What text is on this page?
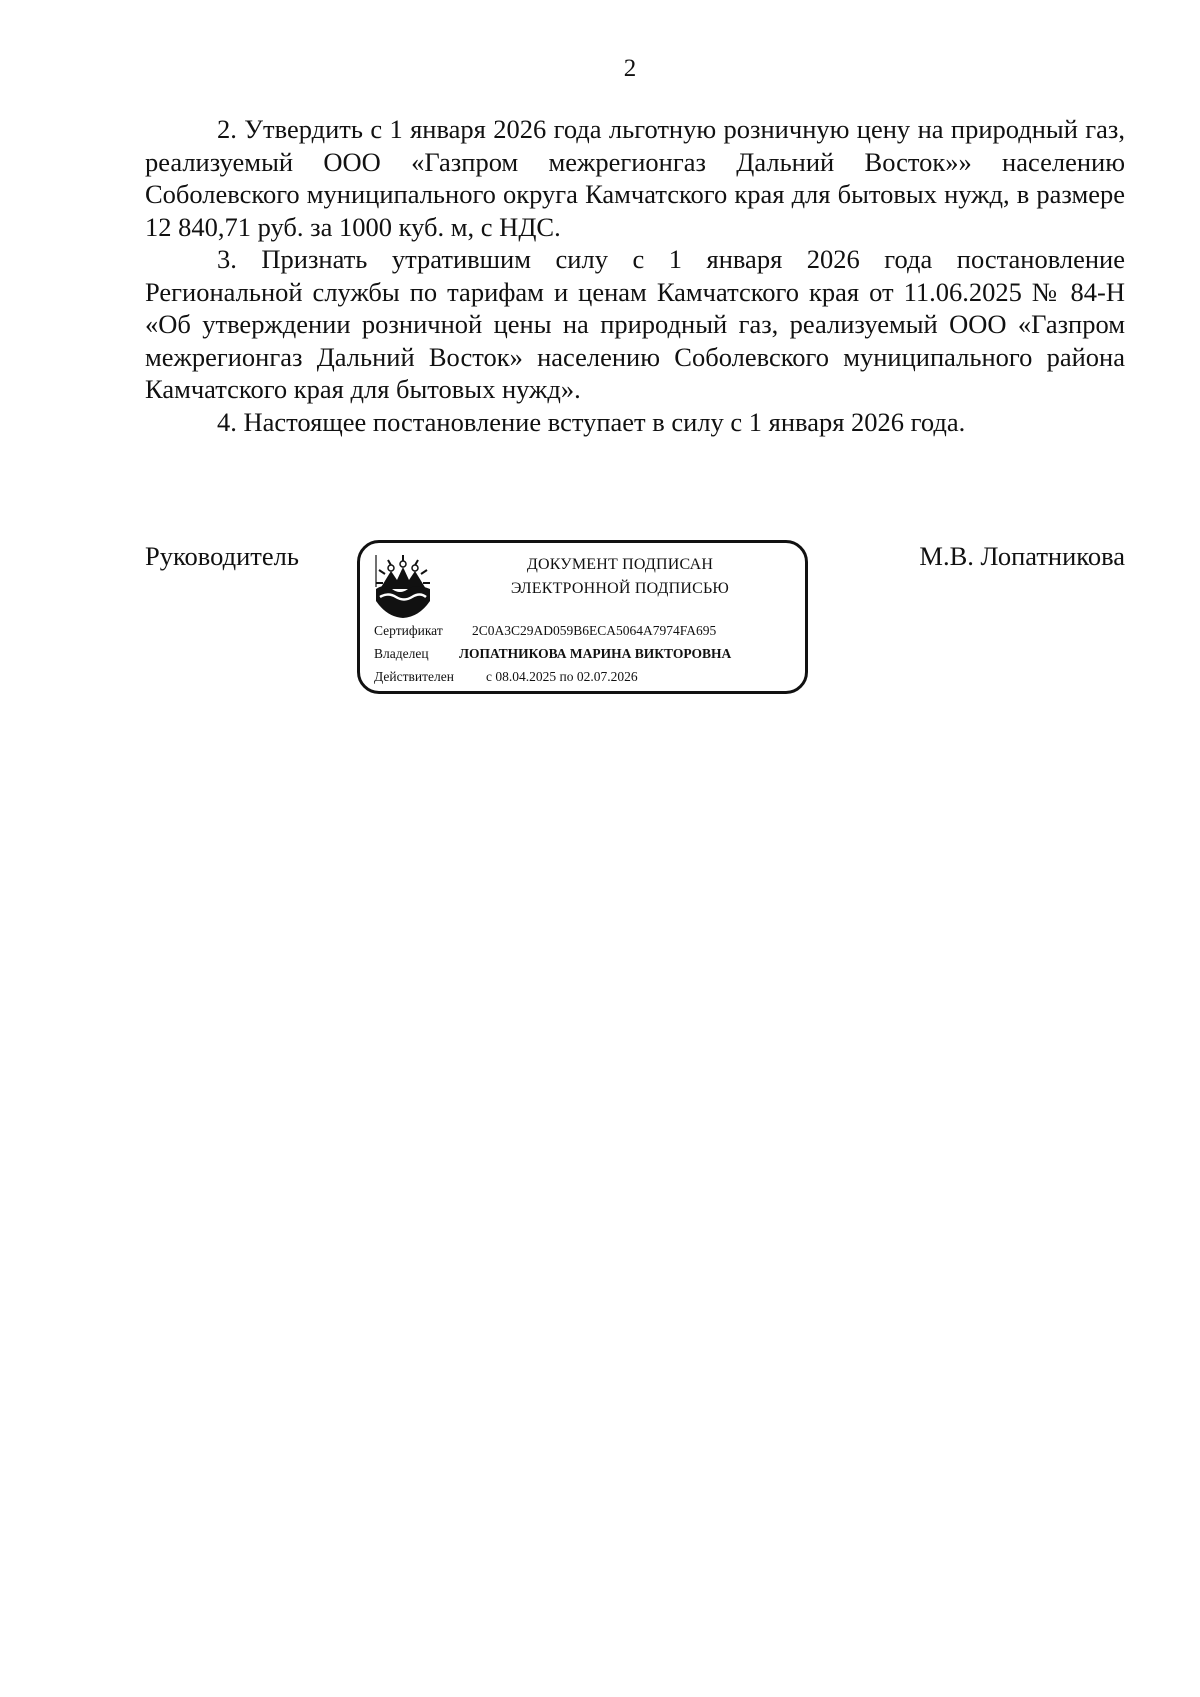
2

2. Утвердить с 1 января 2026 года льготную розничную цену на природный газ, реализуемый ООО «Газпром межрегионгаз Дальний Восток»» населению Соболевского муниципального округа Камчатского края для бытовых нужд, в размере 12 840,71 руб. за 1000 куб. м, с НДС.

3. Признать утратившим силу с 1 января 2026 года постановление Региональной службы по тарифам и ценам Камчатского края от 11.06.2025 № 84-Н «Об утверждении розничной цены на природный газ, реализуемый ООО «Газпром межрегионгаз Дальний Восток» населению Соболевского муниципального района Камчатского края для бытовых нужд».

4. Настоящее постановление вступает в силу с 1 января 2026 года.

Руководитель	ДОКУМЕНТ ПОДПИСАН
ЭЛЕКТРОННОЙ ПОДПИСЬЮ
Сертификат 2C0A3C29AD059B6ECA5064A7974FA695
Владелец ЛОПАТНИКОВА МАРИНА ВИКТОРОВНА
Действителен с 08.04.2025 по 02.07.2026
М.В. Лопатникова
